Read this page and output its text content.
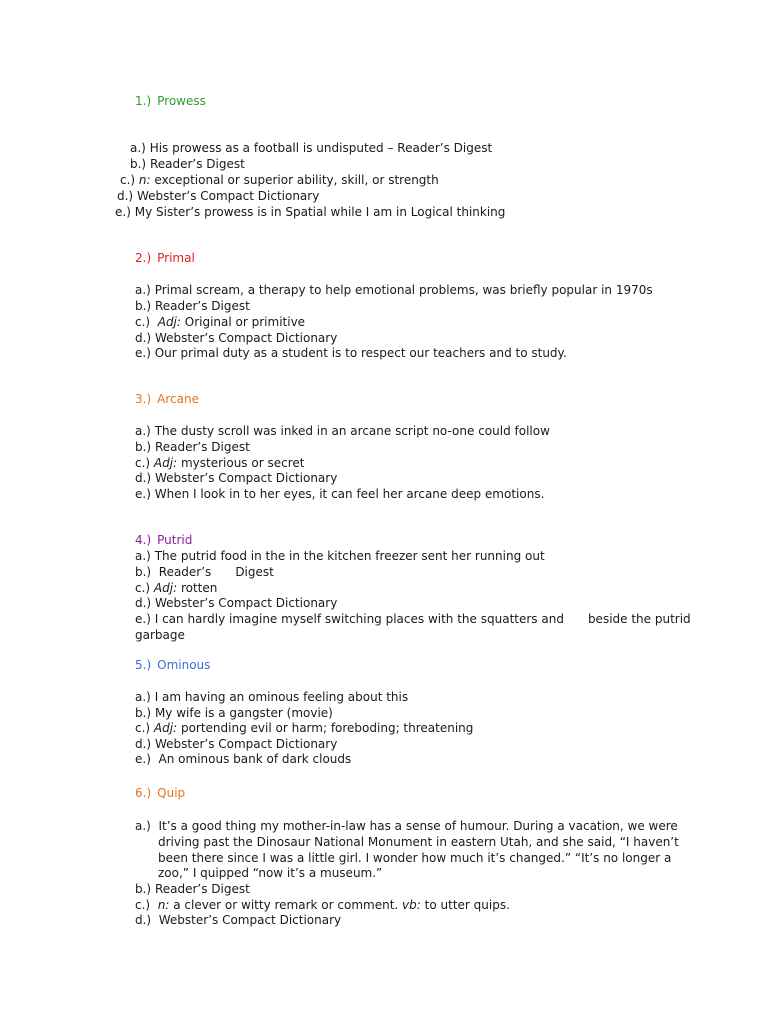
1.) Prowess
a.) His prowess as a football is undisputed – Reader’s Digest
b.) Reader’s Digest
c.) n: exceptional or superior ability, skill, or strength
d.) Webster’s Compact Dictionary
e.) My Sister’s prowess is in Spatial while I am in Logical thinking
2.) Primal
a.) Primal scream, a therapy to help emotional problems, was briefly popular in 1970s
b.) Reader’s Digest
c.) Adj: Original or primitive
d.) Webster’s Compact Dictionary
e.) Our primal duty as a student is to respect our teachers and to study.
3.) Arcane
a.) The dusty scroll was inked in an arcane script no-one could follow
b.) Reader’s Digest
c.) Adj: mysterious or secret
d.) Webster’s Compact Dictionary
e.) When I look in to her eyes, it can feel her arcane deep emotions.
4.) Putrid
a.) The putrid food in the in the kitchen freezer sent her running out
b.) Reader’s Digest
c.) Adj: rotten
d.) Webster’s Compact Dictionary
e.) I can hardly imagine myself switching places with the squatters and beside the putrid
garbage
5.) Ominous
a.) I am having an ominous feeling about this
b.) My wife is a gangster (movie)
c.) Adj: portending evil or harm; foreboding; threatening
d.) Webster’s Compact Dictionary
e.) An ominous bank of dark clouds
6.) Quip
a.) It’s a good thing my mother-in-law has a sense of humour. During a vacation, we were
driving past the Dinosaur National Monument in eastern Utah, and she said, “I haven’t
been there since I was a little girl. I wonder how much it’s changed.” “It’s no longer a
zoo,” I quipped “now it’s a museum.”
b.) Reader’s Digest
c.) n: a clever or witty remark or comment. vb: to utter quips.
d.) Webster’s Compact Dictionary
